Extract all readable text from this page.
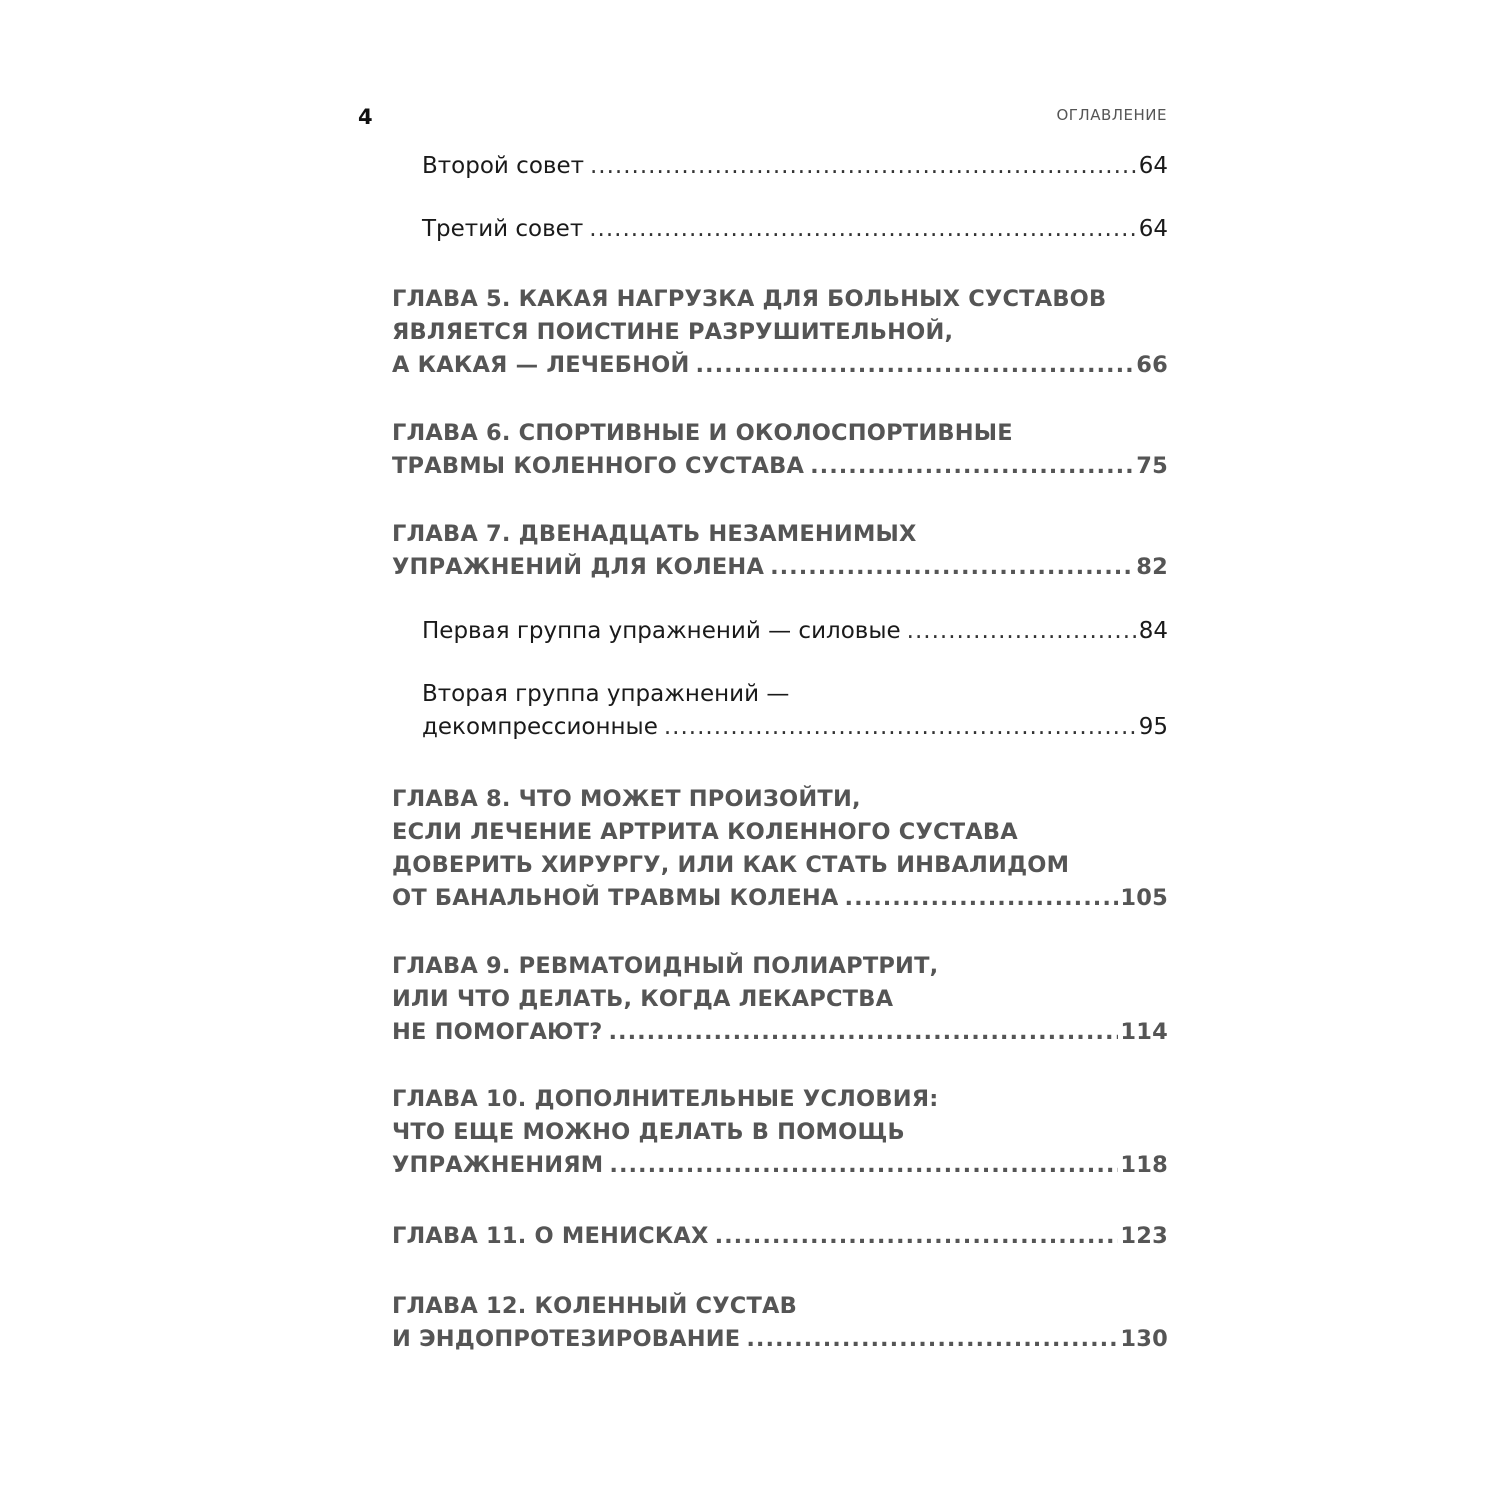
4	ОГЛАВЛЕНИЕ
Второй совет .....	64
Третий совет .....	64
ГЛАВА 5. КАКАЯ НАГРУЗКА ДЛЯ БОЛЬНЫХ СУСТАВОВ
ЯВЛЯЕТСЯ ПОИСТИНЕ РАЗРУШИТЕЛЬНОЙ,
А КАКАЯ — ЛЕЧЕБНОЙ .....	66
ГЛАВА 6. СПОРТИВНЫЕ И ОКОЛОСПОРТИВНЫЕ
ТРАВМЫ КОЛЕННОГО СУСТАВА .....	75
ГЛАВА 7. ДВЕНАДЦАТЬ НЕЗАМЕНИМЫХ
УПРАЖНЕНИЙ ДЛЯ КОЛЕНА .....	82
Первая группа упражнений — силовые .....	84
Вторая группа упражнений —
декомпрессионные .....	95
ГЛАВА 8. ЧТО МОЖЕТ ПРОИЗОЙТИ,
ЕСЛИ ЛЕЧЕНИЕ АРТРИТА КОЛЕННОГО СУСТАВА
ДОВЕРИТЬ ХИРУРГУ, ИЛИ КАК СТАТЬ ИНВАЛИДОМ
ОТ БАНАЛЬНОЙ ТРАВМЫ КОЛЕНА .....	105
ГЛАВА 9. РЕВМАТОИДНЫЙ ПОЛИАРТРИТ,
ИЛИ ЧТО ДЕЛАТЬ, КОГДА ЛЕКАРСТВА
НЕ ПОМОГАЮТ? .....	114
ГЛАВА 10. ДОПОЛНИТЕЛЬНЫЕ УСЛОВИЯ:
ЧТО ЕЩЕ МОЖНО ДЕЛАТЬ В ПОМОЩЬ
УПРАЖНЕНИЯМ .....	118
ГЛАВА 11. О МЕНИСКАХ .....	123
ГЛАВА 12. КОЛЕННЫЙ СУСТАВ
И ЭНДОПРОТЕЗИРОВАНИЕ .....	130
